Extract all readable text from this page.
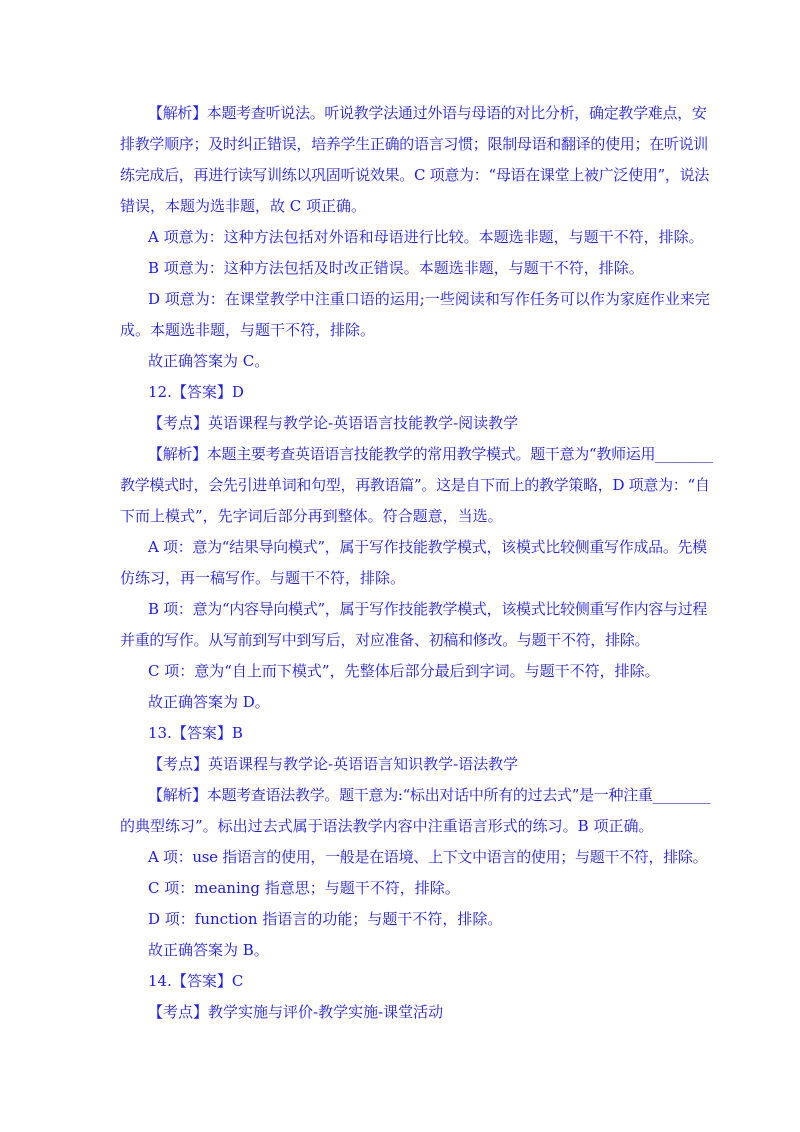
【解析】本题考查听说法。听说教学法通过外语与母语的对比分析，确定教学难点，安
排教学顺序；及时纠正错误，培养学生正确的语言习惯；限制母语和翻译的使用；在听说训
练完成后，再进行读写训练以巩固听说效果。C 项意为：“母语在课堂上被广泛使用”，说法
错误，本题为选非题，故 C 项正确。
A 项意为：这种方法包括对外语和母语进行比较。本题选非题，与题干不符，排除。
B 项意为：这种方法包括及时改正错误。本题选非题，与题干不符，排除。
D 项意为：在课堂教学中注重口语的运用;一些阅读和写作任务可以作为家庭作业来完
成。本题选非题，与题干不符，排除。
故正确答案为 C。
12.【答案】D
【考点】英语课程与教学论-英语语言技能教学-阅读教学
【解析】本题主要考查英语语言技能教学的常用教学模式。题干意为“教师运用________
教学模式时，会先引进单词和句型，再教语篇”。这是自下而上的教学策略，D 项意为：“自
下而上模式”，先字词后部分再到整体。符合题意，当选。
A 项：意为“结果导向模式”，属于写作技能教学模式，该模式比较侧重写作成品。先模
仿练习，再一稿写作。与题干不符，排除。
B 项：意为“内容导向模式”，属于写作技能教学模式，该模式比较侧重写作内容与过程
并重的写作。从写前到写中到写后，对应准备、初稿和修改。与题干不符，排除。
C 项：意为“自上而下模式”，先整体后部分最后到字词。与题干不符，排除。
故正确答案为 D。
13.【答案】B
【考点】英语课程与教学论-英语语言知识教学-语法教学
【解析】本题考查语法教学。题干意为:“标出对话中所有的过去式”是一种注重________
的典型练习”。标出过去式属于语法教学内容中注重语言形式的练习。B 项正确。
A 项：use 指语言的使用，一般是在语境、上下文中语言的使用；与题干不符，排除。
C 项：meaning 指意思；与题干不符，排除。
D 项：function 指语言的功能；与题干不符，排除。
故正确答案为 B。
14.【答案】C
【考点】教学实施与评价-教学实施-课堂活动
